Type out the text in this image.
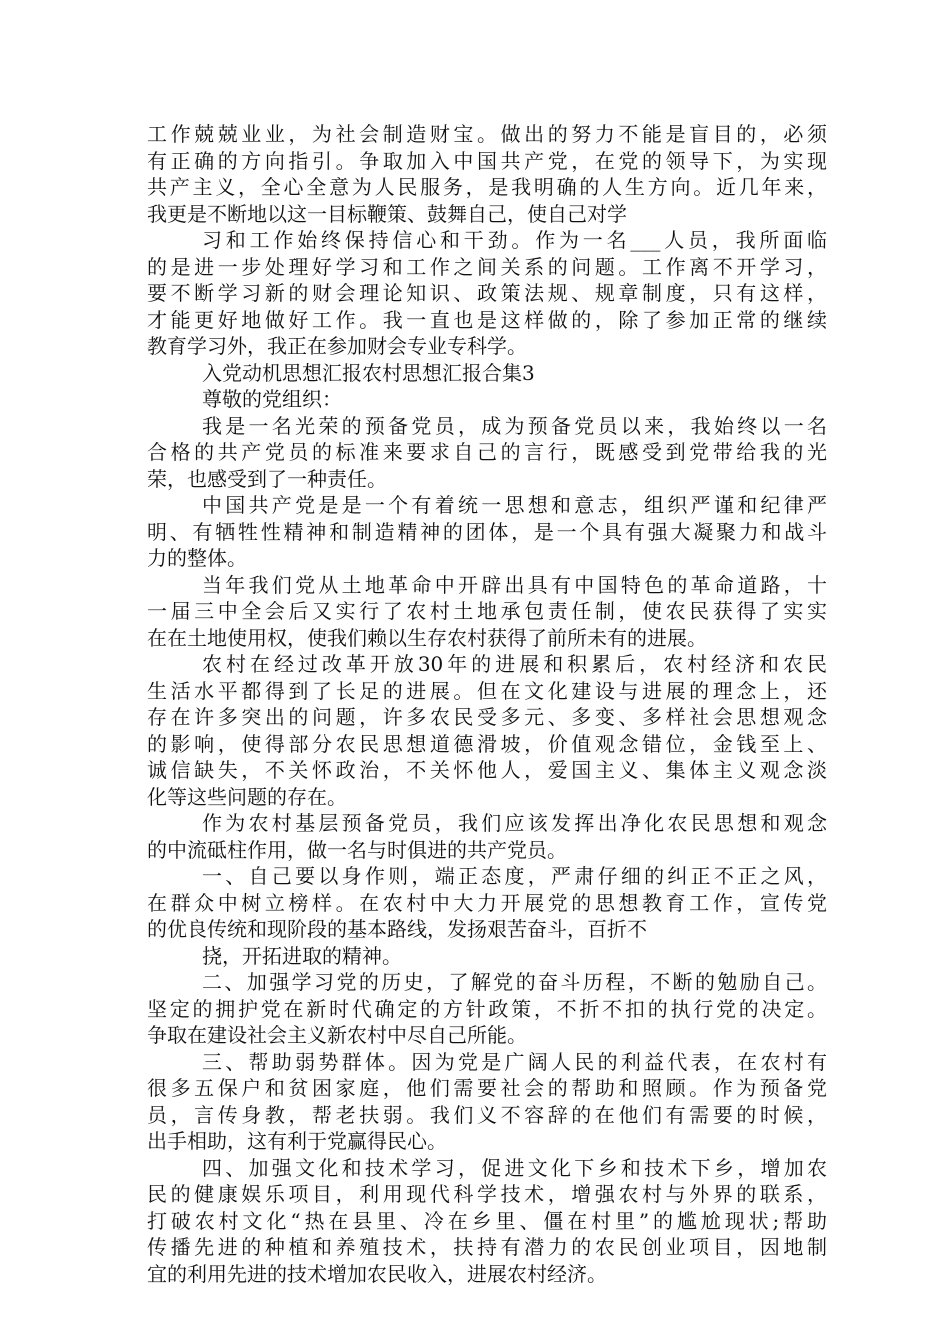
工作兢兢业业，为社会制造财宝。做出的努力不能是盲目的，必须
有正确的方向指引。争取加入中国共产党，在党的领导下，为实现
共产主义，全心全意为人民服务，是我明确的人生方向。近几年来，
我更是不断地以这一目标鞭策、鼓舞自己，使自己对学
习和工作始终保持信心和干劲。作为一名___人员，我所面临
的是进一步处理好学习和工作之间关系的问题。工作离不开学习，
要不断学习新的财会理论知识、政策法规、规章制度，只有这样，
才能更好地做好工作。我一直也是这样做的，除了参加正常的继续
教育学习外，我正在参加财会专业专科学。
入党动机思想汇报农村思想汇报合集3
尊敬的党组织：
我是一名光荣的预备党员，成为预备党员以来，我始终以一名
合格的共产党员的标准来要求自己的言行，既感受到党带给我的光
荣，也感受到了一种责任。
中国共产党是是一个有着统一思想和意志，组织严谨和纪律严
明、有牺牲性精神和制造精神的团体，是一个具有强大凝聚力和战斗
力的整体。
当年我们党从土地革命中开辟出具有中国特色的革命道路，十
一届三中全会后又实行了农村土地承包责任制，使农民获得了实实
在在土地使用权，使我们赖以生存农村获得了前所未有的进展。
农村在经过改革开放30年的进展和积累后，农村经济和农民
生活水平都得到了长足的进展。但在文化建设与进展的理念上，还
存在许多突出的问题，许多农民受多元、多变、多样社会思想观念
的影响，使得部分农民思想道德滑坡，价值观念错位，金钱至上、
诚信缺失，不关怀政治，不关怀他人，爱国主义、集体主义观念淡
化等这些问题的存在。
作为农村基层预备党员，我们应该发挥出净化农民思想和观念
的中流砥柱作用，做一名与时俱进的共产党员。
一、自己要以身作则，端正态度，严肃仔细的纠正不正之风，
在群众中树立榜样。在农村中大力开展党的思想教育工作，宣传党
的优良传统和现阶段的基本路线，发扬艰苦奋斗，百折不
挠，开拓进取的精神。
二、加强学习党的历史，了解党的奋斗历程，不断的勉励自己。
坚定的拥护党在新时代确定的方针政策，不折不扣的执行党的决定。
争取在建设社会主义新农村中尽自己所能。
三、帮助弱势群体。因为党是广阔人民的利益代表，在农村有
很多五保户和贫困家庭，他们需要社会的帮助和照顾。作为预备党
员，言传身教，帮老扶弱。我们义不容辞的在他们有需要的时候，
出手相助，这有利于党赢得民心。
四、加强文化和技术学习，促进文化下乡和技术下乡，增加农
民的健康娱乐项目，利用现代科学技术，增强农村与外界的联系，
打破农村文化“热在县里、冷在乡里、僵在村里”的尴尬现状;帮助
传播先进的种植和养殖技术，扶持有潜力的农民创业项目，因地制
宜的利用先进的技术增加农民收入，进展农村经济。
